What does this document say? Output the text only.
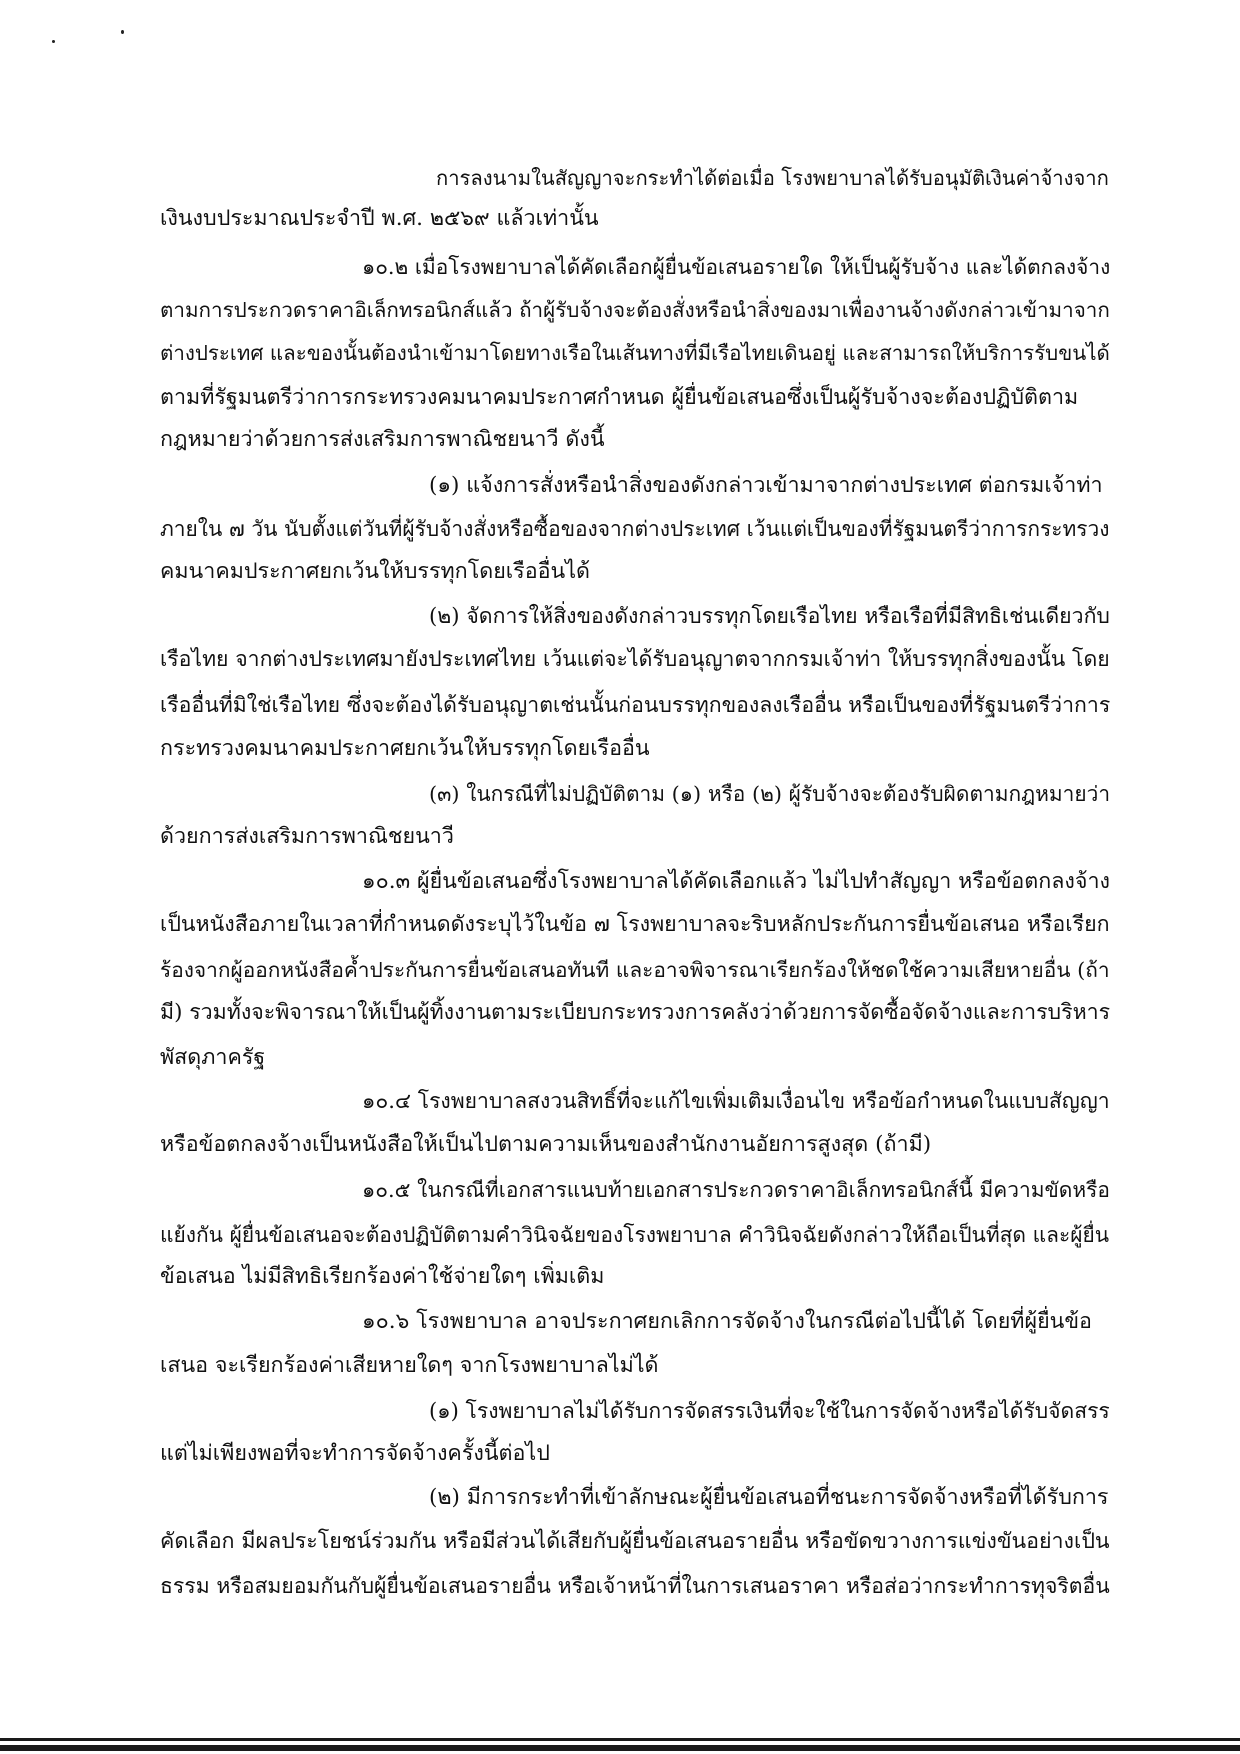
การลงนามในสัญญาจะกระทำได้ต่อเมื่อ โรงพยาบาลได้รับอนุมัติเงินค่าจ้างจาก
เงินงบประมาณประจำปี พ.ศ. ๒๕๖๙ แล้วเท่านั้น
๑๐.๒ เมื่อโรงพยาบาลได้คัดเลือกผู้ยื่นข้อเสนอรายใด ให้เป็นผู้รับจ้าง และได้ตกลงจ้าง
ตามการประกวดราคาอิเล็กทรอนิกส์แล้ว ถ้าผู้รับจ้างจะต้องสั่งหรือนำสิ่งของมาเพื่องานจ้างดังกล่าวเข้ามาจาก
ต่างประเทศ และของนั้นต้องนำเข้ามาโดยทางเรือในเส้นทางที่มีเรือไทยเดินอยู่ และสามารถให้บริการรับขนได้
ตามที่รัฐมนตรีว่าการกระทรวงคมนาคมประกาศกำหนด ผู้ยื่นข้อเสนอซึ่งเป็นผู้รับจ้างจะต้องปฏิบัติตาม
กฎหมายว่าด้วยการส่งเสริมการพาณิชยนาวี ดังนี้
(๑) แจ้งการสั่งหรือนำสิ่งของดังกล่าวเข้ามาจากต่างประเทศ ต่อกรมเจ้าท่า
ภายใน ๗ วัน นับตั้งแต่วันที่ผู้รับจ้างสั่งหรือซื้อของจากต่างประเทศ เว้นแต่เป็นของที่รัฐมนตรีว่าการกระทรวง
คมนาคมประกาศยกเว้นให้บรรทุกโดยเรืออื่นได้
(๒) จัดการให้สิ่งของดังกล่าวบรรทุกโดยเรือไทย หรือเรือที่มีสิทธิเช่นเดียวกับ
เรือไทย จากต่างประเทศมายังประเทศไทย เว้นแต่จะได้รับอนุญาตจากกรมเจ้าท่า ให้บรรทุกสิ่งของนั้น โดย
เรืออื่นที่มิใช่เรือไทย ซึ่งจะต้องได้รับอนุญาตเช่นนั้นก่อนบรรทุกของลงเรืออื่น หรือเป็นของที่รัฐมนตรีว่าการ
กระทรวงคมนาคมประกาศยกเว้นให้บรรทุกโดยเรืออื่น
(๓) ในกรณีที่ไม่ปฏิบัติตาม (๑) หรือ (๒) ผู้รับจ้างจะต้องรับผิดตามกฎหมายว่า
ด้วยการส่งเสริมการพาณิชยนาวี
๑๐.๓ ผู้ยื่นข้อเสนอซึ่งโรงพยาบาลได้คัดเลือกแล้ว ไม่ไปทำสัญญา หรือข้อตกลงจ้าง
เป็นหนังสือภายในเวลาที่กำหนดดังระบุไว้ในข้อ ๗ โรงพยาบาลจะริบหลักประกันการยื่นข้อเสนอ หรือเรียก
ร้องจากผู้ออกหนังสือค้ำประกันการยื่นข้อเสนอทันที และอาจพิจารณาเรียกร้องให้ชดใช้ความเสียหายอื่น (ถ้า
มี) รวมทั้งจะพิจารณาให้เป็นผู้ทิ้งงานตามระเบียบกระทรวงการคลังว่าด้วยการจัดซื้อจัดจ้างและการบริหาร
พัสดุภาครัฐ
๑๐.๔ โรงพยาบาลสงวนสิทธิ์ที่จะแก้ไขเพิ่มเติมเงื่อนไข หรือข้อกำหนดในแบบสัญญา
หรือข้อตกลงจ้างเป็นหนังสือให้เป็นไปตามความเห็นของสำนักงานอัยการสูงสุด (ถ้ามี)
๑๐.๕ ในกรณีที่เอกสารแนบท้ายเอกสารประกวดราคาอิเล็กทรอนิกส์นี้ มีความขัดหรือ
แย้งกัน ผู้ยื่นข้อเสนอจะต้องปฏิบัติตามคำวินิจฉัยของโรงพยาบาล คำวินิจฉัยดังกล่าวให้ถือเป็นที่สุด และผู้ยื่น
ข้อเสนอ ไม่มีสิทธิเรียกร้องค่าใช้จ่ายใดๆ เพิ่มเติม
๑๐.๖ โรงพยาบาล อาจประกาศยกเลิกการจัดจ้างในกรณีต่อไปนี้ได้ โดยที่ผู้ยื่นข้อ
เสนอ จะเรียกร้องค่าเสียหายใดๆ จากโรงพยาบาลไม่ได้
(๑) โรงพยาบาลไม่ได้รับการจัดสรรเงินที่จะใช้ในการจัดจ้างหรือได้รับจัดสรร
แต่ไม่เพียงพอที่จะทำการจัดจ้างครั้งนี้ต่อไป
(๒) มีการกระทำที่เข้าลักษณะผู้ยื่นข้อเสนอที่ชนะการจัดจ้างหรือที่ได้รับการ
คัดเลือก มีผลประโยชน์ร่วมกัน หรือมีส่วนได้เสียกับผู้ยื่นข้อเสนอรายอื่น หรือขัดขวางการแข่งขันอย่างเป็น
ธรรม หรือสมยอมกันกับผู้ยื่นข้อเสนอรายอื่น หรือเจ้าหน้าที่ในการเสนอราคา หรือส่อว่ากระทำการทุจริตอื่น
